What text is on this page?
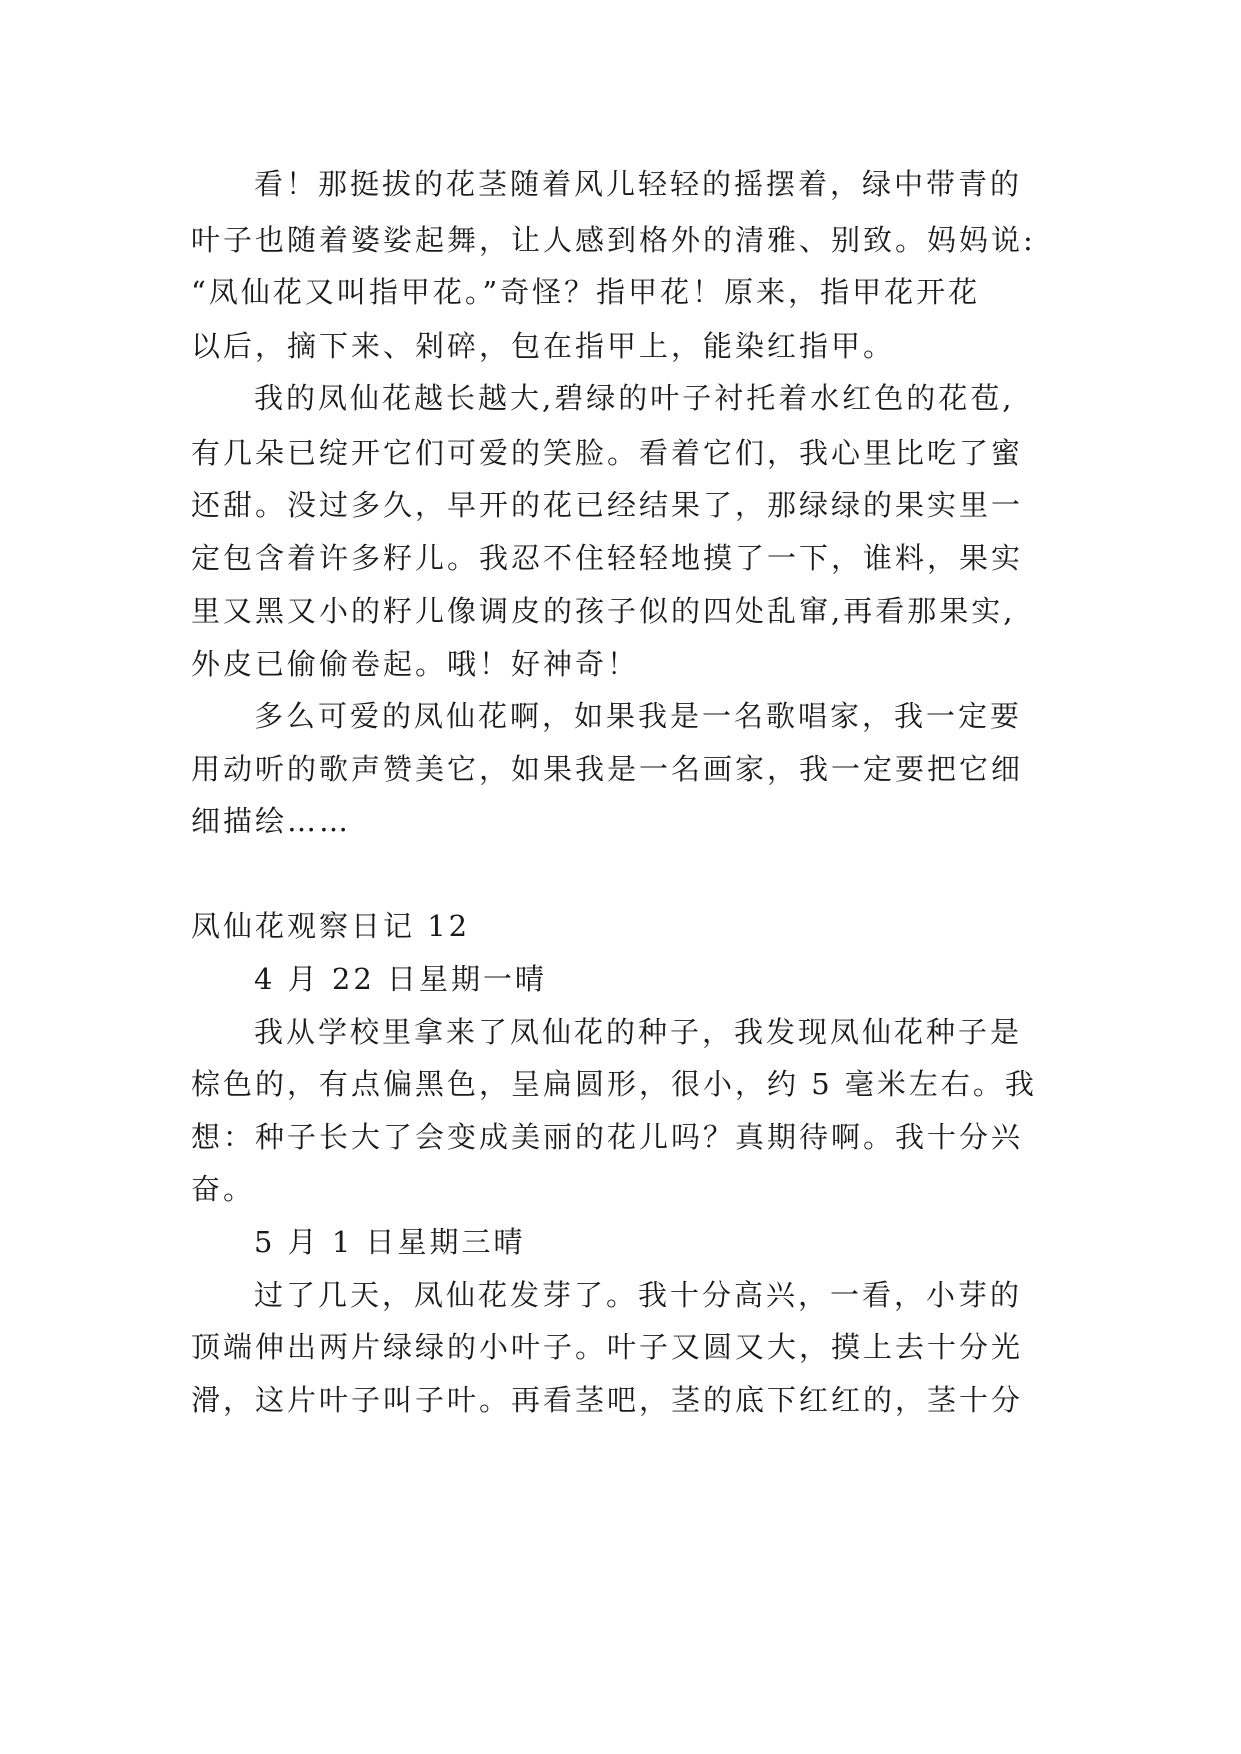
看！那挺拔的花茎随着风儿轻轻的摇摆着，绿中带青的
叶子也随着婆娑起舞，让人感到格外的清雅、别致。妈妈说:
“凤仙花又叫指甲花。”奇怪？指甲花！原来，指甲花开花
以后，摘下来、剁碎，包在指甲上，能染红指甲。
我的凤仙花越长越大,碧绿的叶子衬托着水红色的花苞,
有几朵已绽开它们可爱的笑脸。看着它们，我心里比吃了蜜
还甜。没过多久，早开的花已经结果了，那绿绿的果实里一
定包含着许多籽儿。我忍不住轻轻地摸了一下，谁料，果实
里又黑又小的籽儿像调皮的孩子似的四处乱窜,再看那果实,
外皮已偷偷卷起。哦！好神奇！
多么可爱的凤仙花啊，如果我是一名歌唱家，我一定要
用动听的歌声赞美它，如果我是一名画家，我一定要把它细
细描绘……
凤仙花观察日记 12
4 月 22 日星期一晴
我从学校里拿来了凤仙花的种子，我发现凤仙花种子是
棕色的，有点偏黑色，呈扁圆形，很小，约 5 毫米左右。我
想：种子长大了会变成美丽的花儿吗？真期待啊。我十分兴
奋。
5 月 1 日星期三晴
过了几天，凤仙花发芽了。我十分高兴，一看，小芽的
顶端伸出两片绿绿的小叶子。叶子又圆又大，摸上去十分光
滑，这片叶子叫子叶。再看茎吧，茎的底下红红的，茎十分
